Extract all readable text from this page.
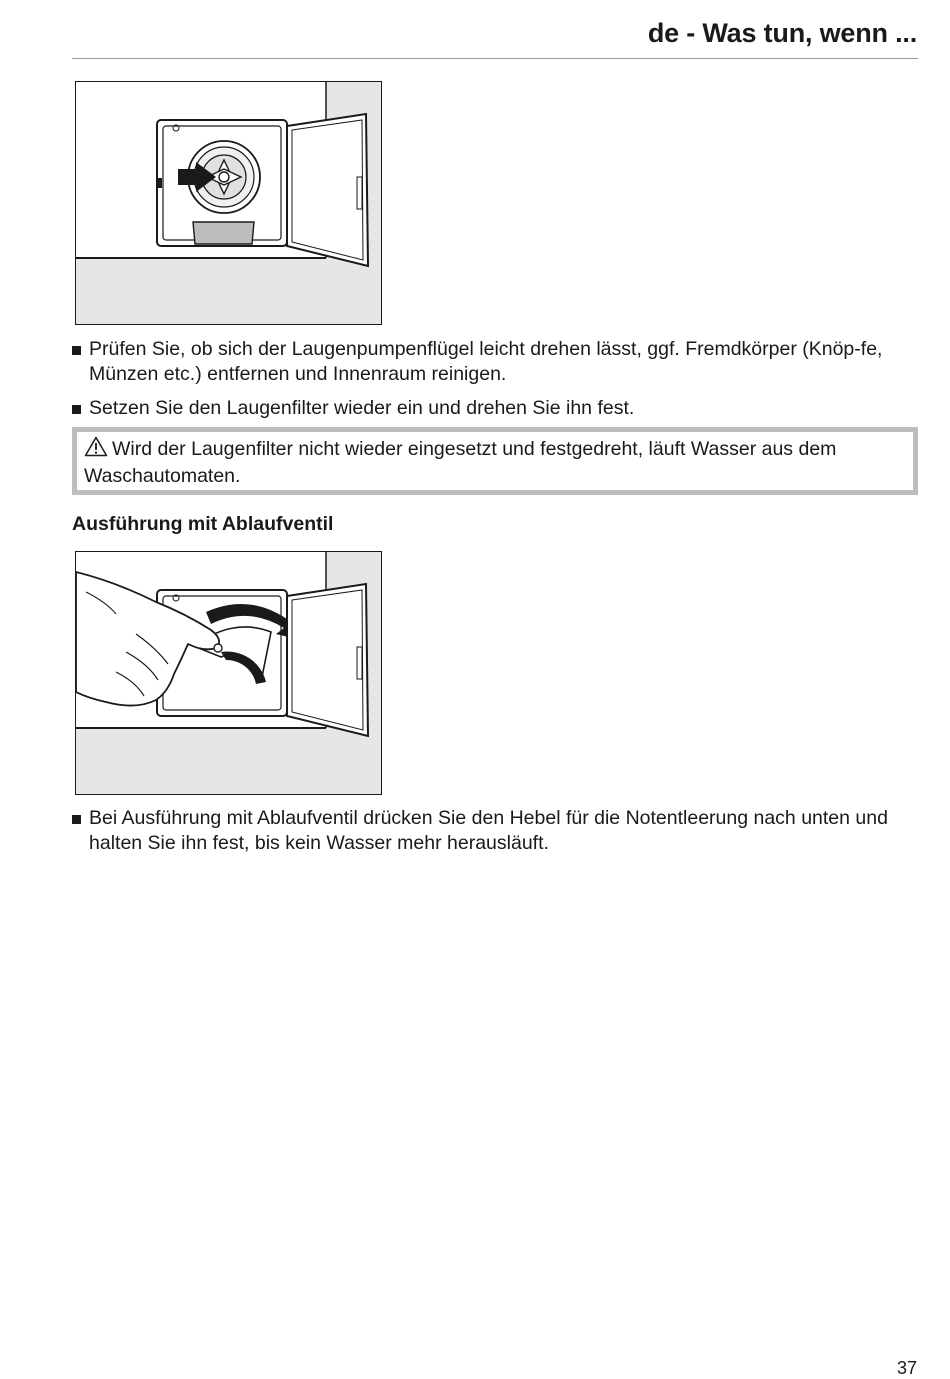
de - Was tun, wenn ...
Prüfen Sie, ob sich der Laugenpumpenflügel leicht drehen lässt, ggf. Fremdkörper (Knöp-fe, Münzen etc.) entfernen und Innenraum reinigen.
Setzen Sie den Laugenfilter wieder ein und drehen Sie ihn fest.
Wird der Laugenfilter nicht wieder eingesetzt und festgedreht, läuft Wasser aus dem Waschautomaten.
Ausführung mit Ablaufventil
Bei Ausführung mit Ablaufventil drücken Sie den Hebel für die Notentleerung nach unten und halten Sie ihn fest, bis kein Wasser mehr herausläuft.
37
